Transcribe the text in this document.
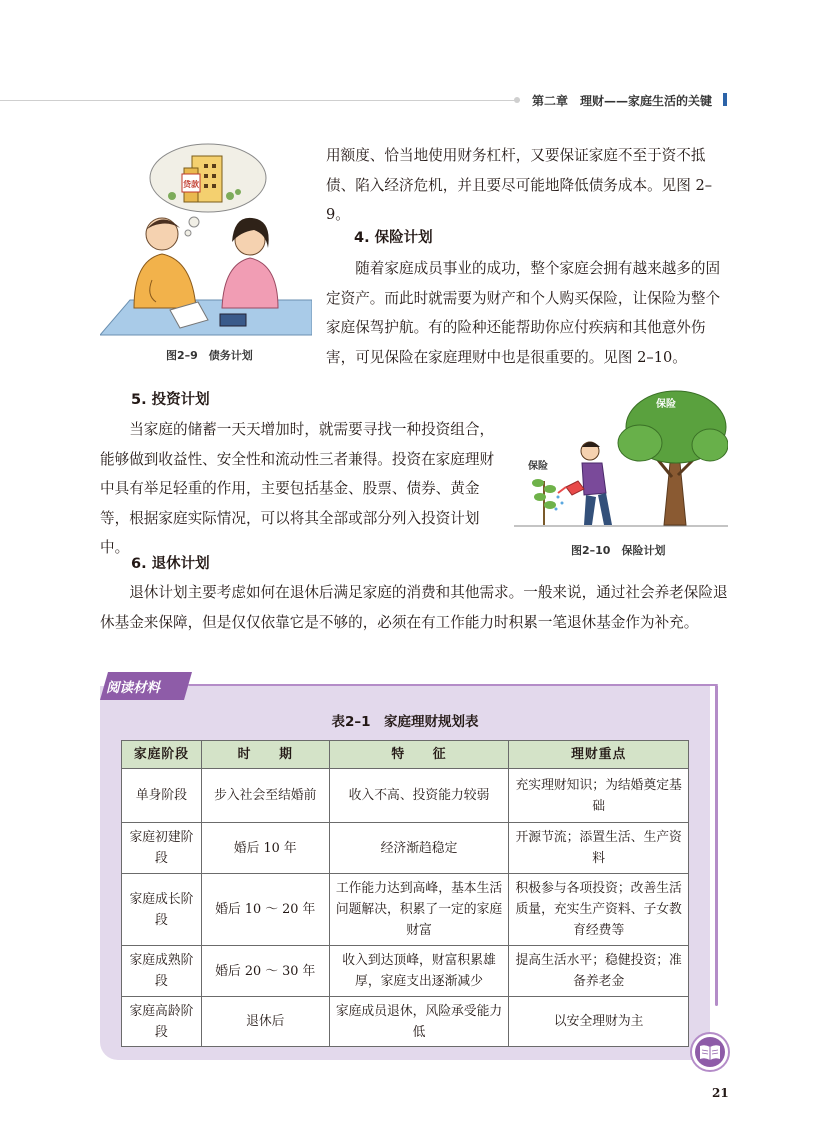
第二章　理财——家庭生活的关键
贷款
图2–9　债务计划

用额度、恰当地使用财务杠杆，又要保证家庭不至于资不抵债、陷入经济危机，并且要尽可能地降低债务成本。见图 2–9。

4. 保险计划

随着家庭成员事业的成功，整个家庭会拥有越来越多的固定资产。而此时就需要为财产和个人购买保险，让保险为整个家庭保驾护航。有的险种还能帮助你应付疾病和其他意外伤害，可见保险在家庭理财中也是很重要的。见图 2–10。

5. 投资计划

当家庭的储蓄一天天增加时，就需要寻找一种投资组合，能够做到收益性、安全性和流动性三者兼得。投资在家庭理财中具有举足轻重的作用，主要包括基金、股票、债券、黄金等，根据家庭实际情况，可以将其全部或部分列入投资计划中。

保险
保险
图2–10　保险计划
6. 退休计划

退休计划主要考虑如何在退休后满足家庭的消费和其他需求。一般来说，通过社会养老保险退休基金来保障，但是仅仅依靠它是不够的，必须在有工作能力时积累一笔退休基金作为补充。

阅读材料
表2–1　家庭理财规划表
家庭阶段	时　　期	特　　征	理财重点
单身阶段	步入社会至结婚前	收入不高、投资能力较弱	充实理财知识；为结婚奠定基础
家庭初建阶段	婚后 10 年	经济渐趋稳定	开源节流；添置生活、生产资料
家庭成长阶段	婚后 10 ～ 20 年	工作能力达到高峰，基本生活问题解决，积累了一定的家庭财富	积极参与各项投资；改善生活质量，充实生产资料、子女教育经费等
家庭成熟阶段	婚后 20 ～ 30 年	收入到达顶峰，财富积累雄厚，家庭支出逐渐减少	提高生活水平；稳健投资；准备养老金
家庭高龄阶段	退休后	家庭成员退休，风险承受能力低	以安全理财为主
21
